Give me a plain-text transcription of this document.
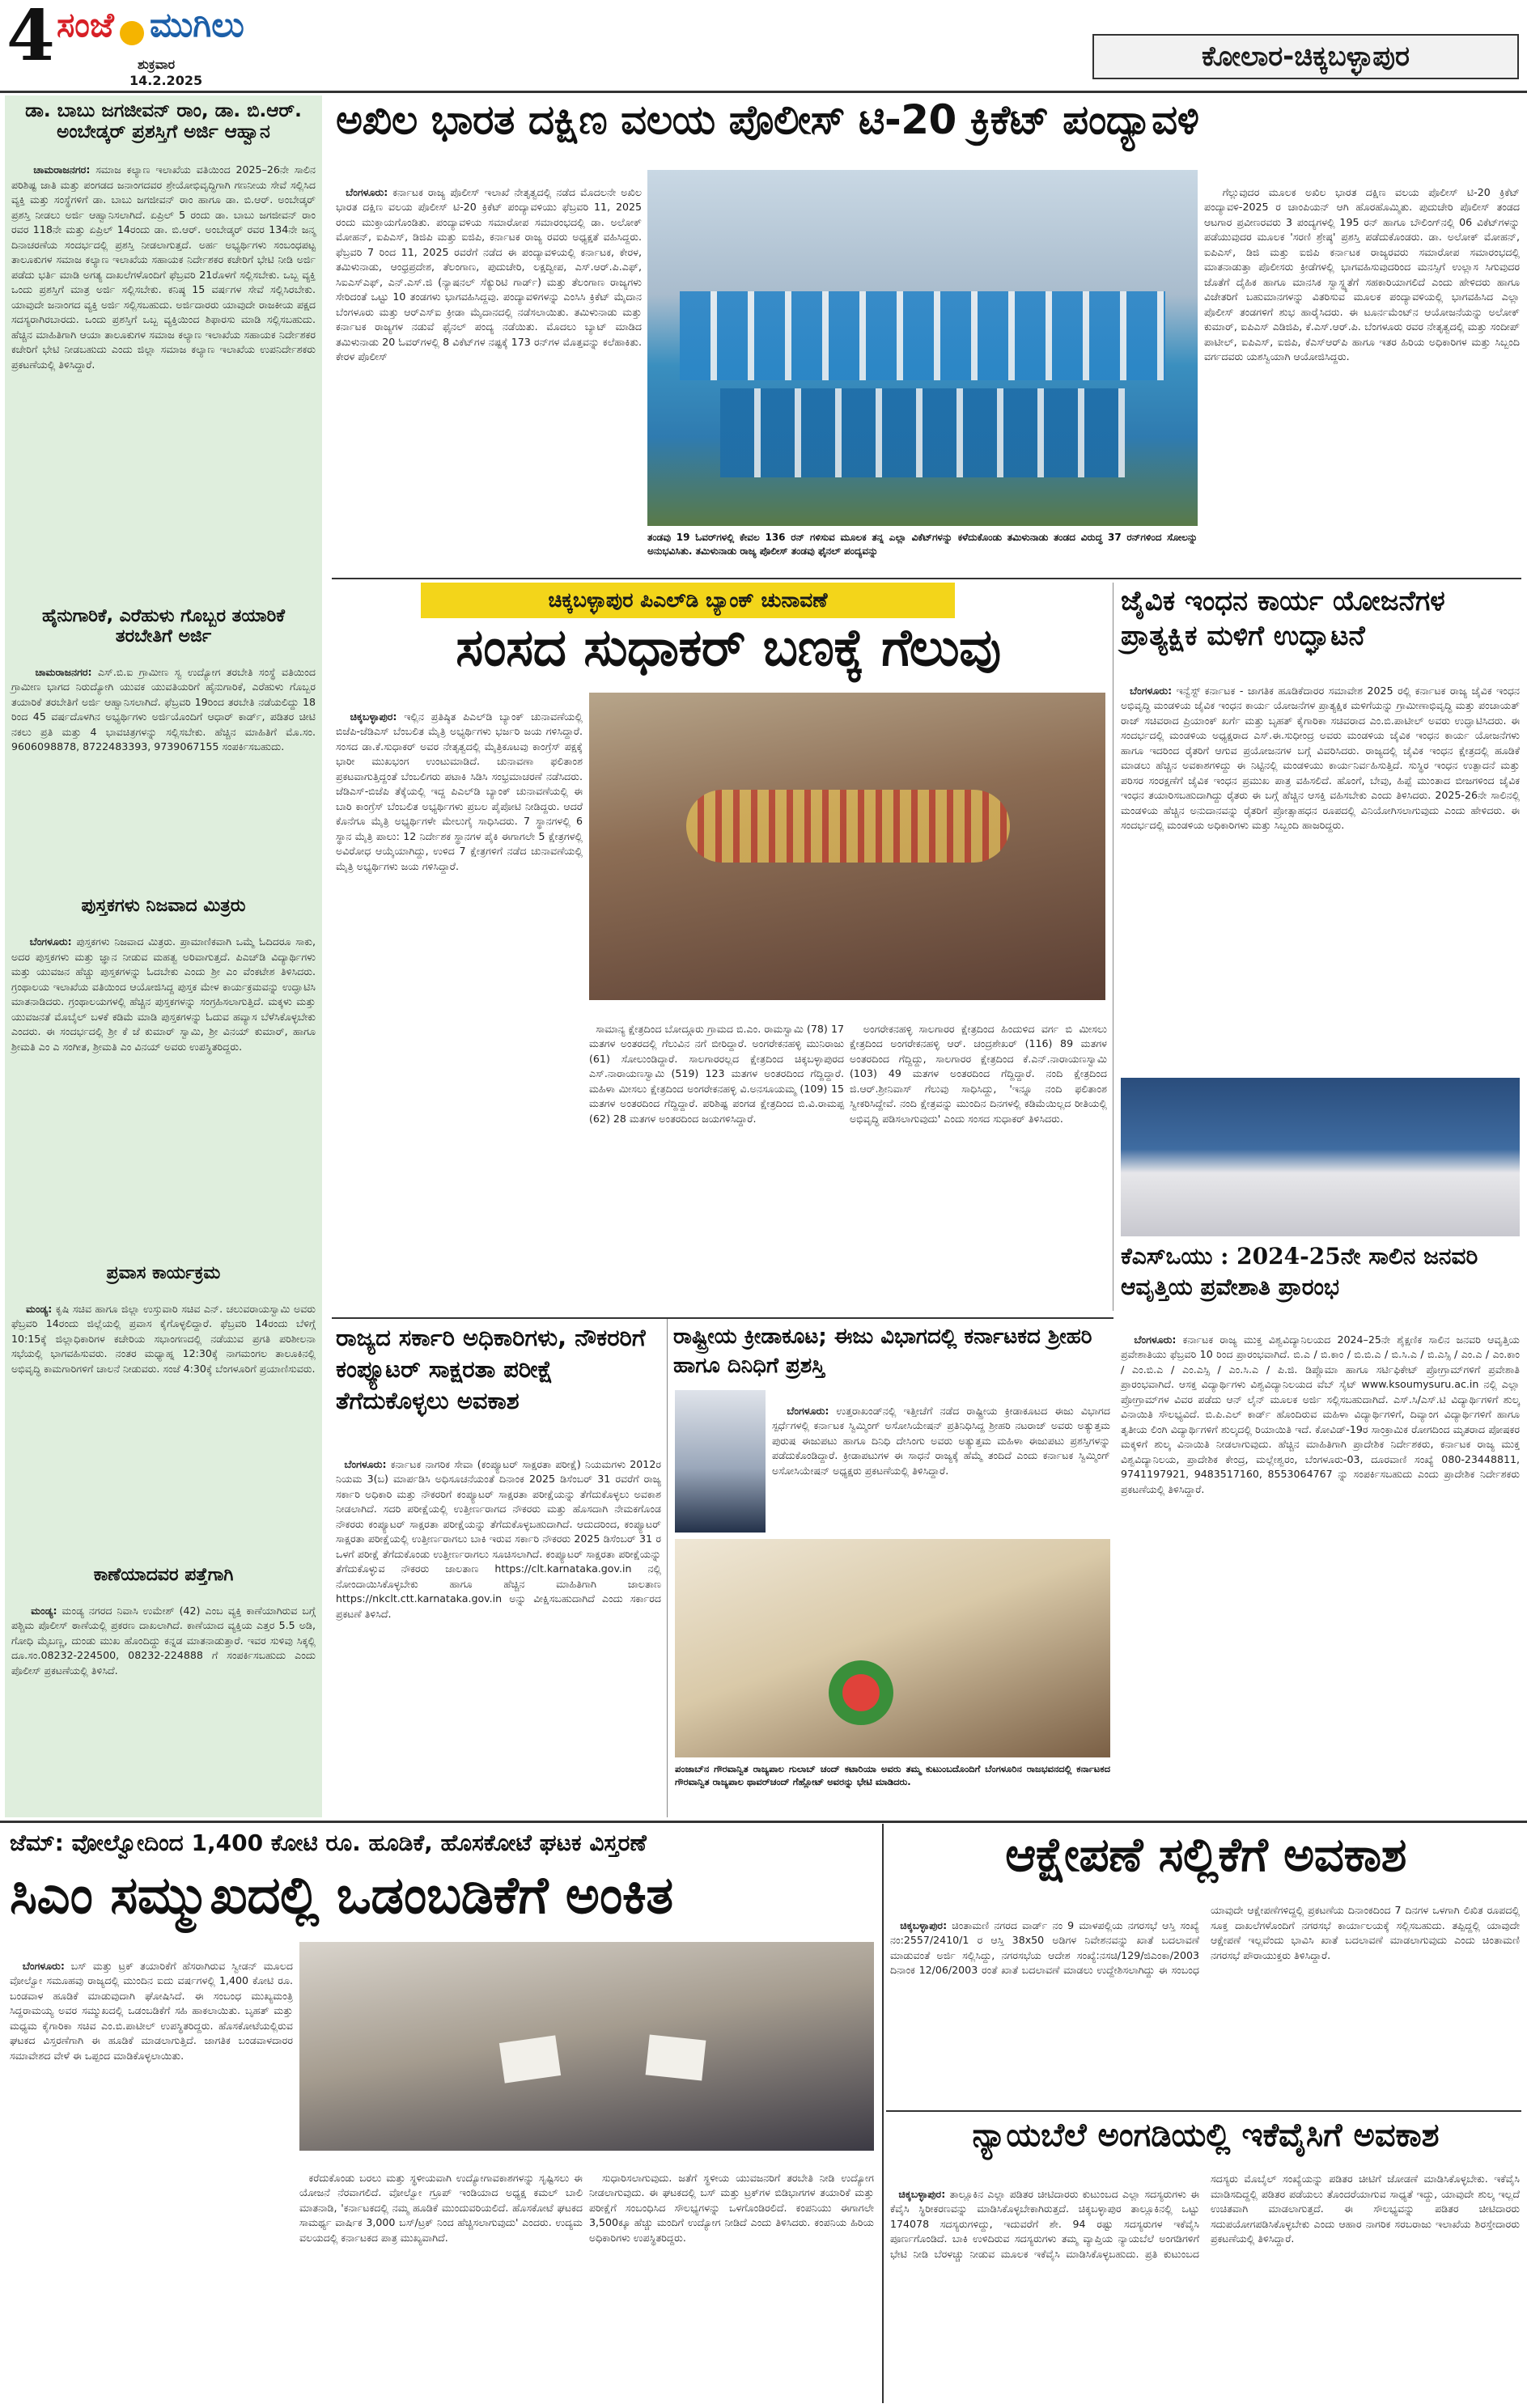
4 ಸಂಜೆ ಮುಗಿಲು
ಶುಕ್ರವಾರ
14.2.2025
ಕೋಲಾರ-ಚಿಕ್ಕಬಳ್ಳಾಪುರ
ಡಾ. ಬಾಬು ಜಗಜೀವನ್ ರಾಂ, ಡಾ. ಬಿ.ಆರ್. ಅಂಬೇಡ್ಕರ್ ಪ್ರಶಸ್ತಿಗೆ ಅರ್ಜಿ ಆಹ್ವಾನ

ಚಾಮರಾಜನಗರ: ಸಮಾಜ ಕಲ್ಯಾಣ ಇಲಾಖೆಯ ವತಿಯಿಂದ 2025–26ನೇ ಸಾಲಿನ ಪರಿಶಿಷ್ಟ ಜಾತಿ ಮತ್ತು ಪಂಗಡದ ಜನಾಂಗದವರ ಶ್ರೇಯೋಭಿವೃದ್ಧಿಗಾಗಿ ಗಣನೀಯ ಸೇವೆ ಸಲ್ಲಿಸಿದ ವ್ಯಕ್ತಿ ಮತ್ತು ಸಂಸ್ಥೆಗಳಿಗೆ ಡಾ. ಬಾಬು ಜಗಜೀವನ್ ರಾಂ ಹಾಗೂ ಡಾ. ಬಿ.ಆರ್. ಅಂಬೇಡ್ಕರ್ ಪ್ರಶಸ್ತಿ ನೀಡಲು ಅರ್ಜಿ ಆಹ್ವಾನಿಸಲಾಗಿದೆ. ಏಪ್ರಿಲ್ 5 ರಂದು ಡಾ. ಬಾಬು ಜಗಜೀವನ್ ರಾಂ ರವರ 118ನೇ ಮತ್ತು ಏಪ್ರಿಲ್ 14ರಂದು ಡಾ. ಬಿ.ಆರ್. ಅಂಬೇಡ್ಕರ್ ರವರ 134ನೇ ಜನ್ಮ ದಿನಾಚರಣೆಯ ಸಂದರ್ಭದಲ್ಲಿ ಪ್ರಶಸ್ತಿ ನೀಡಲಾಗುತ್ತದೆ. ಅರ್ಹ ಅಭ್ಯರ್ಥಿಗಳು ಸಂಬಂಧಪಟ್ಟ ತಾಲೂಕುಗಳ ಸಮಾಜ ಕಲ್ಯಾಣ ಇಲಾಖೆಯ ಸಹಾಯಕ ನಿರ್ದೇಶಕರ ಕಚೇರಿಗೆ ಭೇಟಿ ನೀಡಿ ಅರ್ಜಿ ಪಡೆದು ಭರ್ತಿ ಮಾಡಿ ಅಗತ್ಯ ದಾಖಲೆಗಳೊಂದಿಗೆ ಫೆಬ್ರವರಿ 21ರೊಳಗೆ ಸಲ್ಲಿಸಬೇಕು. ಒಬ್ಬ ವ್ಯಕ್ತಿ ಒಂದು ಪ್ರಶಸ್ತಿಗೆ ಮಾತ್ರ ಅರ್ಜಿ ಸಲ್ಲಿಸಬೇಕು. ಕನಿಷ್ಠ 15 ವರ್ಷಗಳ ಸೇವೆ ಸಲ್ಲಿಸಿರಬೇಕು. ಯಾವುದೇ ಜನಾಂಗದ ವ್ಯಕ್ತಿ ಅರ್ಜಿ ಸಲ್ಲಿಸಬಹುದು. ಅರ್ಜಿದಾರರು ಯಾವುದೇ ರಾಜಕೀಯ ಪಕ್ಷದ ಸದಸ್ಯರಾಗಿರಬಾರದು. ಒಂದು ಪ್ರಶಸ್ತಿಗೆ ಒಬ್ಬ ವ್ಯಕ್ತಿಯಿಂದ ಶಿಫಾರಸು ಮಾಡಿ ಸಲ್ಲಿಸಬಹುದು. ಹೆಚ್ಚಿನ ಮಾಹಿತಿಗಾಗಿ ಆಯಾ ತಾಲೂಕುಗಳ ಸಮಾಜ ಕಲ್ಯಾಣ ಇಲಾಖೆಯ ಸಹಾಯಕ ನಿರ್ದೇಶಕರ ಕಚೇರಿಗೆ ಭೇಟಿ ನೀಡಬಹುದು ಎಂದು ಜಿಲ್ಲಾ ಸಮಾಜ ಕಲ್ಯಾಣ ಇಲಾಖೆಯ ಉಪನಿರ್ದೇಶಕರು ಪ್ರಕಟಣೆಯಲ್ಲಿ ತಿಳಿಸಿದ್ದಾರೆ.

ಹೈನುಗಾರಿಕೆ, ಎರೆಹುಳು ಗೊಬ್ಬರ ತಯಾರಿಕೆ ತರಬೇತಿಗೆ ಅರ್ಜಿ

ಚಾಮರಾಜನಗರ: ಎಸ್.ಬಿ.ಐ ಗ್ರಾಮೀಣ ಸ್ವ ಉದ್ಯೋಗ ತರಬೇತಿ ಸಂಸ್ಥೆ ವತಿಯಿಂದ ಗ್ರಾಮೀಣ ಭಾಗದ ನಿರುದ್ಯೋಗಿ ಯುವಕ ಯುವತಿಯರಿಗೆ ಹೈನುಗಾರಿಕೆ, ಎರೆಹುಳು ಗೊಬ್ಬರ ತಯಾರಿಕೆ ತರಬೇತಿಗೆ ಅರ್ಜಿ ಆಹ್ವಾನಿಸಲಾಗಿದೆ. ಫೆಬ್ರವರಿ 19ರಿಂದ ತರಬೇತಿ ನಡೆಯಲಿದ್ದು 18 ರಿಂದ 45 ವರ್ಷದೊಳಗಿನ ಅಭ್ಯರ್ಥಿಗಳು ಅರ್ಜಿಯೊಂದಿಗೆ ಆಧಾರ್ ಕಾರ್ಡ್, ಪಡಿತರ ಚೀಟಿ ನಕಲು ಪ್ರತಿ ಮತ್ತು 4 ಭಾವಚಿತ್ರಗಳನ್ನು ಸಲ್ಲಿಸಬೇಕು. ಹೆಚ್ಚಿನ ಮಾಹಿತಿಗೆ ಮೊ.ಸಂ. 9606098878, 8722483393, 9739067155 ಸಂಪರ್ಕಿಸಬಹುದು.

ಪುಸ್ತಕಗಳು ನಿಜವಾದ ಮಿತ್ರರು

ಬೆಂಗಳೂರು: ಪುಸ್ತಕಗಳು ನಿಜವಾದ ಮಿತ್ರರು. ಪ್ರಾಮಾಣಿಕವಾಗಿ ಒಮ್ಮೆ ಓದಿದರೂ ಸಾಕು, ಅದರ ಪುಸ್ತಕಗಳು ಮತ್ತು ಜ್ಞಾನ ನೀಡುವ ಮಹತ್ವ ಅರಿವಾಗುತ್ತದೆ. ಪಿಎಚ್‌ಡಿ ವಿದ್ಯಾರ್ಥಿಗಳು ಮತ್ತು ಯುವಜನ ಹೆಚ್ಚು ಪುಸ್ತಕಗಳನ್ನು ಓದಬೇಕು ಎಂದು ಶ್ರೀ ಎಂ ವೆಂಕಟೇಶ ತಿಳಿಸಿದರು. ಗ್ರಂಥಾಲಯ ಇಲಾಖೆಯ ವತಿಯಿಂದ ಆಯೋಜಿಸಿದ್ದ ಪುಸ್ತಕ ಮೇಳ ಕಾರ್ಯಕ್ರಮವನ್ನು ಉದ್ಘಾಟಿಸಿ ಮಾತನಾಡಿದರು. ಗ್ರಂಥಾಲಯಗಳಲ್ಲಿ ಹೆಚ್ಚಿನ ಪುಸ್ತಕಗಳನ್ನು ಸಂಗ್ರಹಿಸಲಾಗುತ್ತಿದೆ. ಮಕ್ಕಳು ಮತ್ತು ಯುವಜನತೆ ಮೊಬೈಲ್ ಬಳಕೆ ಕಡಿಮೆ ಮಾಡಿ ಪುಸ್ತಕಗಳನ್ನು ಓದುವ ಹವ್ಯಾಸ ಬೆಳೆಸಿಕೊಳ್ಳಬೇಕು ಎಂದರು. ಈ ಸಂದರ್ಭದಲ್ಲಿ ಶ್ರೀ ಕೆ ಜೆ ಕುಮಾರ್ ಸ್ವಾಮಿ, ಶ್ರೀ ವಿನಯ್ ಕುಮಾರ್, ಹಾಗೂ ಶ್ರೀಮತಿ ಎಂ ಎ ಸಂಗೀತ, ಶ್ರೀಮತಿ ಎಂ ವಿನಯ್ ಅವರು ಉಪಸ್ಥಿತರಿದ್ದರು.

ಪ್ರವಾಸ ಕಾರ್ಯಕ್ರಮ

ಮಂಡ್ಯ: ಕೃಷಿ ಸಚಿವ ಹಾಗೂ ಜಿಲ್ಲಾ ಉಸ್ತುವಾರಿ ಸಚಿವ ಎನ್. ಚಲುವರಾಯಸ್ವಾಮಿ ಅವರು ಫೆಬ್ರವರಿ 14ರಂದು ಜಿಲ್ಲೆಯಲ್ಲಿ ಪ್ರವಾಸ ಕೈಗೊಳ್ಳಲಿದ್ದಾರೆ. ಫೆಬ್ರವರಿ 14ರಂದು ಬೆಳಿಗ್ಗೆ 10:15ಕ್ಕೆ ಜಿಲ್ಲಾಧಿಕಾರಿಗಳ ಕಚೇರಿಯ ಸಭಾಂಗಣದಲ್ಲಿ ನಡೆಯುವ ಪ್ರಗತಿ ಪರಿಶೀಲನಾ ಸಭೆಯಲ್ಲಿ ಭಾಗವಹಿಸುವರು. ನಂತರ ಮಧ್ಯಾಹ್ನ 12:30ಕ್ಕೆ ನಾಗಮಂಗಲ ತಾಲೂಕಿನಲ್ಲಿ ಅಭಿವೃದ್ಧಿ ಕಾಮಗಾರಿಗಳಿಗೆ ಚಾಲನೆ ನೀಡುವರು. ಸಂಜೆ 4:30ಕ್ಕೆ ಬೆಂಗಳೂರಿಗೆ ಪ್ರಯಾಣಿಸುವರು.

ಕಾಣೆಯಾದವರ ಪತ್ತೆಗಾಗಿ

ಮಂಡ್ಯ: ಮಂಡ್ಯ ನಗರದ ನಿವಾಸಿ ಉಮೇಶ್ (42) ಎಂಬ ವ್ಯಕ್ತಿ ಕಾಣೆಯಾಗಿರುವ ಬಗ್ಗೆ ಪಶ್ಚಿಮ ಪೊಲೀಸ್ ಠಾಣೆಯಲ್ಲಿ ಪ್ರಕರಣ ದಾಖಲಾಗಿದೆ. ಕಾಣೆಯಾದ ವ್ಯಕ್ತಿಯ ಎತ್ತರ 5.5 ಅಡಿ, ಗೋಧಿ ಮೈಬಣ್ಣ, ದುಂಡು ಮುಖ ಹೊಂದಿದ್ದು ಕನ್ನಡ ಮಾತನಾಡುತ್ತಾರೆ. ಇವರ ಸುಳಿವು ಸಿಕ್ಕಲ್ಲಿ ದೂ.ಸಂ.08232-224500, 08232-224888 ಗೆ ಸಂಪರ್ಕಿಸಬಹುದು ಎಂದು ಪೊಲೀಸ್ ಪ್ರಕಟಣೆಯಲ್ಲಿ ತಿಳಿಸಿದೆ.

ಅಖಿಲ ಭಾರತ ದಕ್ಷಿಣ ವಲಯ ಪೊಲೀಸ್ ಟಿ-20 ಕ್ರಿಕೆಟ್ ಪಂದ್ಯಾವಳಿ

ಬೆಂಗಳೂರು: ಕರ್ನಾಟಕ ರಾಜ್ಯ ಪೊಲೀಸ್ ಇಲಾಖೆ ನೇತೃತ್ವದಲ್ಲಿ ನಡೆದ ಮೊದಲನೇ ಅಖಿಲ ಭಾರತ ದಕ್ಷಿಣ ವಲಯ ಪೊಲೀಸ್ ಟಿ-20 ಕ್ರಿಕೆಟ್ ಪಂದ್ಯಾವಳಿಯು ಫೆಬ್ರವರಿ 11, 2025 ರಂದು ಮುಕ್ತಾಯಗೊಂಡಿತು. ಪಂದ್ಯಾವಳಿಯ ಸಮಾರೋಪ ಸಮಾರಂಭದಲ್ಲಿ ಡಾ. ಅಲೋಕ್ ಮೋಹನ್, ಐಪಿಎಸ್, ಡಿಜಿಪಿ ಮತ್ತು ಐಜಿಪಿ, ಕರ್ನಾಟಕ ರಾಜ್ಯ ರವರು ಅಧ್ಯಕ್ಷತೆ ವಹಿಸಿದ್ದರು. ಫೆಬ್ರವರಿ 7 ರಿಂದ 11, 2025 ರವರೆಗೆ ನಡೆದ ಈ ಪಂದ್ಯಾವಳಿಯಲ್ಲಿ ಕರ್ನಾಟಕ, ಕೇರಳ, ತಮಿಳುನಾಡು, ಆಂಧ್ರಪ್ರದೇಶ, ತೆಲಂಗಾಣ, ಪುದುಚೇರಿ, ಲಕ್ಷದ್ವೀಪ, ಎಸ್.ಆರ್.ಪಿ.ಎಫ್, ಸಿಐಎಸ್‌ಎಫ್, ಎನ್.ಎಸ್.ಜಿ (ನ್ಯಾಷನಲ್ ಸೆಕ್ಯುರಿಟಿ ಗಾರ್ಡ್) ಮತ್ತು ತೆಲಂಗಾಣ ರಾಜ್ಯಗಳು ಸೇರಿದಂತೆ ಒಟ್ಟು 10 ತಂಡಗಳು ಭಾಗವಹಿಸಿದ್ದವು. ಪಂದ್ಯಾವಳಿಗಳನ್ನು ಎಂಸಿಸಿ ಕ್ರಿಕೆಟ್ ಮೈದಾನ ಬೆಂಗಳೂರು ಮತ್ತು ಆರ್‌ಎಸ್‌ಐ ಕ್ರೀಡಾ ಮೈದಾನದಲ್ಲಿ ನಡೆಸಲಾಯಿತು. ತಮಿಳುನಾಡು ಮತ್ತು ಕರ್ನಾಟಕ ರಾಜ್ಯಗಳ ನಡುವೆ ಫೈನಲ್ ಪಂದ್ಯ ನಡೆಯಿತು. ಮೊದಲು ಬ್ಯಾಟ್ ಮಾಡಿದ ತಮಿಳುನಾಡು 20 ಓವರ್‌ಗಳಲ್ಲಿ 8 ವಿಕೆಟ್‌ಗಳ ನಷ್ಟಕ್ಕೆ 173 ರನ್‌ಗಳ ಮೊತ್ತವನ್ನು ಕಲೆಹಾಕಿತು. ಕೇರಳ ಪೊಲೀಸ್

ತಂಡವು 19 ಓವರ್‌ಗಳಲ್ಲಿ ಕೇವಲ 136 ರನ್ ಗಳಿಸುವ ಮೂಲಕ ತನ್ನ ಎಲ್ಲಾ ವಿಕೆಟ್‌ಗಳನ್ನು ಕಳೆದುಕೊಂಡು ತಮಿಳುನಾಡು ತಂಡದ ವಿರುದ್ಧ 37 ರನ್‌ಗಳಿಂದ ಸೋಲನ್ನು ಅನುಭವಿಸಿತು. ತಮಿಳುನಾಡು ರಾಜ್ಯ ಪೊಲೀಸ್ ತಂಡವು ಫೈನಲ್ ಪಂದ್ಯವನ್ನು

ಗೆಲ್ಲುವುದರ ಮೂಲಕ ಅಖಿಲ ಭಾರತ ದಕ್ಷಿಣ ವಲಯ ಪೊಲೀಸ್ ಟಿ-20 ಕ್ರಿಕೆಟ್ ಪಂದ್ಯಾವಳಿ-2025 ರ ಚಾಂಪಿಯನ್ ಆಗಿ ಹೊರಹೊಮ್ಮಿತು. ಪುದುಚೇರಿ ಪೊಲೀಸ್ ತಂಡದ ಆಟಗಾರ ಪ್ರವೀಣರವರು 3 ಪಂದ್ಯಗಳಲ್ಲಿ 195 ರನ್ ಹಾಗೂ ಬೌಲಿಂಗ್‌ನಲ್ಲಿ 06 ವಿಕೆಟ್‌ಗಳನ್ನು ಪಡೆಯುವುದರ ಮೂಲಕ 'ಸರಣಿ ಶ್ರೇಷ್ಠ' ಪ್ರಶಸ್ತಿ ಪಡೆದುಕೊಂಡರು. ಡಾ. ಅಲೋಕ್ ಮೋಹನ್, ಐಪಿಎಸ್, ಡಿಜಿ ಮತ್ತು ಐಜಿಪಿ ಕರ್ನಾಟಕ ರಾಜ್ಯರವರು ಸಮಾರೋಪ ಸಮಾರಂಭದಲ್ಲಿ ಮಾತನಾಡುತ್ತಾ ಪೊಲೀಸರು ಕ್ರೀಡೆಗಳಲ್ಲಿ ಭಾಗವಹಿಸುವುದರಿಂದ ಮನಸ್ಸಿಗೆ ಉಲ್ಲಾಸ ಸಿಗುವುದರ ಜೊತೆಗೆ ದೈಹಿಕ ಹಾಗೂ ಮಾನಸಿಕ ಸ್ವಾಸ್ಥ್ಯತೆಗೆ ಸಹಕಾರಿಯಾಗಲಿದೆ ಎಂದು ಹೇಳಿದರು ಹಾಗೂ ವಿಜೇತರಿಗೆ ಬಹುಮಾನಗಳನ್ನು ವಿತರಿಸುವ ಮೂಲಕ ಪಂದ್ಯಾವಳಿಯಲ್ಲಿ ಭಾಗವಹಿಸಿದ ಎಲ್ಲಾ ಪೊಲೀಸ್ ತಂಡಗಳಿಗೆ ಶುಭ ಹಾರೈಸಿದರು. ಈ ಟೂರ್ನಮೆಂಟ್‌ನ ಆಯೋಜನೆಯನ್ನು ಅಲೋಕ್ ಕುಮಾರ್, ಐಪಿಎಸ್ ಎಡಿಜಿಪಿ, ಕೆ.ಎಸ್.ಆರ್.ಪಿ. ಬೆಂಗಳೂರು ರವರ ನೇತೃತ್ವದಲ್ಲಿ ಮತ್ತು ಸಂದೀಪ್ ಪಾಟೀಲ್, ಐಪಿಎಸ್, ಐಜಿಪಿ, ಕೆಎಸ್‌ಆರ್‌ಪಿ ಹಾಗೂ ಇತರ ಹಿರಿಯ ಅಧಿಕಾರಿಗಳ ಮತ್ತು ಸಿಬ್ಬಂದಿ ವರ್ಗದವರು ಯಶಸ್ವಿಯಾಗಿ ಆಯೋಜಿಸಿದ್ದರು.

ಚಿಕ್ಕಬಳ್ಳಾಪುರ ಪಿಎಲ್‌ಡಿ ಬ್ಯಾಂಕ್ ಚುನಾವಣೆ
ಸಂಸದ ಸುಧಾಕರ್ ಬಣಕ್ಕೆ ಗೆಲುವು

ಚಿಕ್ಕಬಳ್ಳಾಪುರ: ಇಲ್ಲಿನ ಪ್ರತಿಷ್ಠಿತ ಪಿಎಲ್‌ಡಿ ಬ್ಯಾಂಕ್ ಚುನಾವಣೆಯಲ್ಲಿ ಬಿಜೆಪಿ-ಜೆಡಿಎಸ್ ಬೆಂಬಲಿತ ಮೈತ್ರಿ ಅಭ್ಯರ್ಥಿಗಳು ಭರ್ಜರಿ ಜಯ ಗಳಿಸಿದ್ದಾರೆ. ಸಂಸದ ಡಾ.ಕೆ.ಸುಧಾಕರ್ ಅವರ ನೇತೃತ್ವದಲ್ಲಿ ಮೈತ್ರಿಕೂಟವು ಕಾಂಗ್ರೆಸ್ ಪಕ್ಷಕ್ಕೆ ಭಾರೀ ಮುಖಭಂಗ ಉಂಟುಮಾಡಿದೆ. ಚುನಾವಣಾ ಫಲಿತಾಂಶ ಪ್ರಕಟವಾಗುತ್ತಿದ್ದಂತೆ ಬೆಂಬಲಿಗರು ಪಟಾಕಿ ಸಿಡಿಸಿ ಸಂಭ್ರಮಾಚರಣೆ ನಡೆಸಿದರು. ಜೆಡಿಎಸ್-ಬಿಜೆಪಿ ತೆಕ್ಕೆಯಲ್ಲಿ ಇದ್ದ ಪಿಎಲ್‌ಡಿ ಬ್ಯಾಂಕ್ ಚುನಾವಣೆಯಲ್ಲಿ ಈ ಬಾರಿ ಕಾಂಗ್ರೆಸ್ ಬೆಂಬಲಿತ ಅಭ್ಯರ್ಥಿಗಳು ಪ್ರಬಲ ಪೈಪೋಟಿ ನೀಡಿದ್ದರು. ಆದರೆ ಕೊನೆಗೂ ಮೈತ್ರಿ ಅಭ್ಯರ್ಥಿಗಳೇ ಮೇಲುಗೈ ಸಾಧಿಸಿದರು. 7 ಸ್ಥಾನಗಳಲ್ಲಿ 6 ಸ್ಥಾನ ಮೈತ್ರಿ ಪಾಲು: 12 ನಿರ್ದೇಶಕ ಸ್ಥಾನಗಳ ಪೈಕಿ ಈಗಾಗಲೇ 5 ಕ್ಷೇತ್ರಗಳಲ್ಲಿ ಅವಿರೋಧ ಆಯ್ಕೆಯಾಗಿದ್ದು, ಉಳಿದ 7 ಕ್ಷೇತ್ರಗಳಿಗೆ ನಡೆದ ಚುನಾವಣೆಯಲ್ಲಿ ಮೈತ್ರಿ ಅಭ್ಯರ್ಥಿಗಳು ಜಯ ಗಳಿಸಿದ್ದಾರೆ.

ಸಾಮಾನ್ಯ ಕ್ಷೇತ್ರದಿಂದ ಬೋದ್ಗೂರು ಗ್ರಾಮದ ಬಿ.ಎಂ. ರಾಮಸ್ವಾಮಿ (78) 17 ಮತಗಳ ಅಂತರದಲ್ಲಿ ಗೆಲುವಿನ ನಗೆ ಬೀರಿದ್ದಾರೆ. ಅಂಗರೇಕನಹಳ್ಳಿ ಮುನಿರಾಜು (61) ಸೋಲುಂಡಿದ್ದಾರೆ. ಸಾಲಗಾರರಲ್ಲದ ಕ್ಷೇತ್ರದಿಂದ ಚಿಕ್ಕಬಳ್ಳಾಪುರದ ಎಸ್.ನಾರಾಯಣಸ್ವಾಮಿ (519) 123 ಮತಗಳ ಅಂತರದಿಂದ ಗೆದ್ದಿದ್ದಾರೆ. ಮಹಿಳಾ ಮೀಸಲು ಕ್ಷೇತ್ರದಿಂದ ಅಂಗರೇಕನಹಳ್ಳಿ ವಿ.ಅನಸೂಯಮ್ಮ (109) 15 ಮತಗಳ ಅಂತರದಿಂದ ಗೆದ್ದಿದ್ದಾರೆ. ಪರಿಶಿಷ್ಟ ಪಂಗಡ ಕ್ಷೇತ್ರದಿಂದ ಬಿ.ವಿ.ರಾಮಪ್ಪ (62) 28 ಮತಗಳ ಅಂತರದಿಂದ ಜಯಗಳಿಸಿದ್ದಾರೆ.

ಅಂಗರೇಕನಹಳ್ಳಿ ಸಾಲಗಾರರ ಕ್ಷೇತ್ರದಿಂದ ಹಿಂದುಳಿದ ವರ್ಗ ಬಿ ಮೀಸಲು ಕ್ಷೇತ್ರದಿಂದ ಅಂಗರೇಕನಹಳ್ಳಿ ಆರ್. ಚಂದ್ರಶೇಖರ್ (116) 89 ಮತಗಳ ಅಂತರದಿಂದ ಗೆದ್ದಿದ್ದು, ಸಾಲಗಾರರ ಕ್ಷೇತ್ರದಿಂದ ಕೆ.ಎನ್.ನಾರಾಯಣಸ್ವಾಮಿ (103) 49 ಮತಗಳ ಅಂತರದಿಂದ ಗೆದ್ದಿದ್ದಾರೆ. ನಂದಿ ಕ್ಷೇತ್ರದಿಂದ ಜಿ.ಆರ್.ಶ್ರೀನಿವಾಸ್ ಗೆಲುವು ಸಾಧಿಸಿದ್ದು, 'ಇನ್ನೂ ನಂದಿ ಫಲಿತಾಂಶ ಸ್ವೀಕರಿಸಿದ್ದೇವೆ. ನಂದಿ ಕ್ಷೇತ್ರವನ್ನು ಮುಂದಿನ ದಿನಗಳಲ್ಲಿ ಕಡಿಮೆಯಿಲ್ಲದ ರೀತಿಯಲ್ಲಿ ಅಭಿವೃದ್ಧಿ ಪಡಿಸಲಾಗುವುದು' ಎಂದು ಸಂಸದ ಸುಧಾಕರ್ ತಿಳಿಸಿದರು.

ಜೈವಿಕ ಇಂಧನ ಕಾರ್ಯ ಯೋಜನೆಗಳ ಪ್ರಾತ್ಯಕ್ಷಿಕ ಮಳಿಗೆ ಉದ್ಘಾಟನೆ

ಬೆಂಗಳೂರು: ಇನ್ವೆಸ್ಟ್ ಕರ್ನಾಟಕ - ಜಾಗತಿಕ ಹೂಡಿಕೆದಾರರ ಸಮಾವೇಶ 2025 ರಲ್ಲಿ ಕರ್ನಾಟಕ ರಾಜ್ಯ ಜೈವಿಕ ಇಂಧನ ಅಭಿವೃದ್ಧಿ ಮಂಡಳಿಯ ಜೈವಿಕ ಇಂಧನ ಕಾರ್ಯ ಯೋಜನೆಗಳ ಪ್ರಾತ್ಯಕ್ಷಿಕ ಮಳಿಗೆಯನ್ನು ಗ್ರಾಮೀಣಾಭಿವೃದ್ಧಿ ಮತ್ತು ಪಂಚಾಯತ್ ರಾಜ್ ಸಚಿವರಾದ ಪ್ರಿಯಾಂಕ್ ಖರ್ಗೆ ಮತ್ತು ಬೃಹತ್ ಕೈಗಾರಿಕಾ ಸಚಿವರಾದ ಎಂ.ಬಿ.ಪಾಟೀಲ್ ಅವರು ಉದ್ಘಾಟಿಸಿದರು. ಈ ಸಂದರ್ಭದಲ್ಲಿ ಮಂಡಳಿಯ ಅಧ್ಯಕ್ಷರಾದ ಎಸ್.ಈ.ಸುಧೀಂದ್ರ ಅವರು ಮಂಡಳಿಯ ಜೈವಿಕ ಇಂಧನ ಕಾರ್ಯ ಯೋಜನೆಗಳು ಹಾಗೂ ಇದರಿಂದ ರೈತರಿಗೆ ಆಗುವ ಪ್ರಯೋಜನಗಳ ಬಗ್ಗೆ ವಿವರಿಸಿದರು. ರಾಜ್ಯದಲ್ಲಿ ಜೈವಿಕ ಇಂಧನ ಕ್ಷೇತ್ರದಲ್ಲಿ ಹೂಡಿಕೆ ಮಾಡಲು ಹೆಚ್ಚಿನ ಅವಕಾಶಗಳಿದ್ದು ಈ ನಿಟ್ಟಿನಲ್ಲಿ ಮಂಡಳಿಯು ಕಾರ್ಯನಿರ್ವಹಿಸುತ್ತಿದೆ. ಸುಸ್ಥಿರ ಇಂಧನ ಉತ್ಪಾದನೆ ಮತ್ತು ಪರಿಸರ ಸಂರಕ್ಷಣೆಗೆ ಜೈವಿಕ ಇಂಧನ ಪ್ರಮುಖ ಪಾತ್ರ ವಹಿಸಲಿದೆ. ಹೊಂಗೆ, ಬೇವು, ಹಿಪ್ಪೆ ಮುಂತಾದ ಬೀಜಗಳಿಂದ ಜೈವಿಕ ಇಂಧನ ತಯಾರಿಸಬಹುದಾಗಿದ್ದು ರೈತರು ಈ ಬಗ್ಗೆ ಹೆಚ್ಚಿನ ಆಸಕ್ತಿ ವಹಿಸಬೇಕು ಎಂದು ತಿಳಿಸಿದರು. 2025-26ನೇ ಸಾಲಿನಲ್ಲಿ ಮಂಡಳಿಯ ಹೆಚ್ಚಿನ ಅನುದಾನವನ್ನು ರೈತರಿಗೆ ಪ್ರೋತ್ಸಾಹಧನ ರೂಪದಲ್ಲಿ ವಿನಿಯೋಗಿಸಲಾಗುವುದು ಎಂದು ಹೇಳಿದರು. ಈ ಸಂದರ್ಭದಲ್ಲಿ ಮಂಡಳಿಯ ಅಧಿಕಾರಿಗಳು ಮತ್ತು ಸಿಬ್ಬಂದಿ ಹಾಜರಿದ್ದರು.

ಕೆಎಸ್‌ಒಯು : 2024-25ನೇ ಸಾಲಿನ ಜನವರಿ ಆವೃತ್ತಿಯ ಪ್ರವೇಶಾತಿ ಪ್ರಾರಂಭ

ಬೆಂಗಳೂರು: ಕರ್ನಾಟಕ ರಾಜ್ಯ ಮುಕ್ತ ವಿಶ್ವವಿದ್ಯಾನಿಲಯದ 2024–25ನೇ ಶೈಕ್ಷಣಿಕ ಸಾಲಿನ ಜನವರಿ ಆವೃತ್ತಿಯ ಪ್ರವೇಶಾತಿಯು ಫೆಬ್ರವರಿ 10 ರಿಂದ ಪ್ರಾರಂಭವಾಗಿದೆ. ಬಿ.ಎ / ಬಿ.ಕಾಂ / ಬಿ.ಬಿ.ಎ / ಬಿ.ಸಿ.ಎ / ಬಿ.ಎಸ್ಸಿ / ಎಂ.ಎ / ಎಂ.ಕಾಂ / ಎಂ.ಬಿ.ಎ / ಎಂ.ಎಸ್ಸಿ / ಎಂ.ಸಿ.ಎ / ಪಿ.ಜಿ. ಡಿಪ್ಲೊಮಾ ಹಾಗೂ ಸರ್ಟಿಫಿಕೇಟ್ ಪ್ರೋಗ್ರಾಮ್‌ಗಳಿಗೆ ಪ್ರವೇಶಾತಿ ಪ್ರಾರಂಭವಾಗಿದೆ. ಆಸಕ್ತ ವಿದ್ಯಾರ್ಥಿಗಳು ವಿಶ್ವವಿದ್ಯಾನಿಲಯದ ವೆಬ್ ಸೈಟ್ www.ksoumysuru.ac.in ನಲ್ಲಿ ಎಲ್ಲಾ ಪ್ರೋಗ್ರಾಮ್‌ಗಳ ವಿವರ ಪಡೆದು ಆನ್ ಲೈನ್ ಮೂಲಕ ಅರ್ಜಿ ಸಲ್ಲಿಸಬಹುದಾಗಿದೆ. ಎಸ್.ಸಿ/ಎಸ್.ಟಿ ವಿದ್ಯಾರ್ಥಿಗಳಿಗೆ ಶುಲ್ಕ ವಿನಾಯಿತಿ ಸೌಲಭ್ಯವಿದೆ. ಬಿ.ಪಿ.ಎಲ್ ಕಾರ್ಡ್ ಹೊಂದಿರುವ ಮಹಿಳಾ ವಿದ್ಯಾರ್ಥಿಗಳಿಗೆ, ದಿವ್ಯಾಂಗ ವಿದ್ಯಾರ್ಥಿಗಳಿಗೆ ಹಾಗೂ ತೃತೀಯ ಲಿಂಗಿ ವಿದ್ಯಾರ್ಥಿಗಳಿಗೆ ಶುಲ್ಕದಲ್ಲಿ ರಿಯಾಯಿತಿ ಇದೆ. ಕೋವಿಡ್-19ರ ಸಾಂಕ್ರಾಮಿಕ ರೋಗದಿಂದ ಮೃತರಾದ ಪೋಷಕರ ಮಕ್ಕಳಿಗೆ ಶುಲ್ಕ ವಿನಾಯಿತಿ ನೀಡಲಾಗುವುದು. ಹೆಚ್ಚಿನ ಮಾಹಿತಿಗಾಗಿ ಪ್ರಾದೇಶಿಕ ನಿರ್ದೇಶಕರು, ಕರ್ನಾಟಕ ರಾಜ್ಯ ಮುಕ್ತ ವಿಶ್ವವಿದ್ಯಾನಿಲಯ, ಪ್ರಾದೇಶಿಕ ಕೇಂದ್ರ, ಮಲ್ಲೇಶ್ವರಂ, ಬೆಂಗಳೂರು-03, ದೂರವಾಣಿ ಸಂಖ್ಯೆ 080-23448811, 9741197921, 9483517160, 8553064767 ನ್ನು ಸಂಪರ್ಕಿಸಬಹುದು ಎಂದು ಪ್ರಾದೇಶಿಕ ನಿರ್ದೇಶಕರು ಪ್ರಕಟಣೆಯಲ್ಲಿ ತಿಳಿಸಿದ್ದಾರೆ.

ರಾಜ್ಯದ ಸರ್ಕಾರಿ ಅಧಿಕಾರಿಗಳು, ನೌಕರರಿಗೆ ಕಂಪ್ಯೂಟರ್ ಸಾಕ್ಷರತಾ ಪರೀಕ್ಷೆ ತೆಗೆದುಕೊಳ್ಳಲು ಅವಕಾಶ

ಬೆಂಗಳೂರು: ಕರ್ನಾಟಕ ನಾಗರಿಕ ಸೇವಾ (ಕಂಪ್ಯೂಟರ್ ಸಾಕ್ಷರತಾ ಪರೀಕ್ಷೆ) ನಿಯಮಗಳು 2012ರ ನಿಯಮ 3(ಬ) ಮಾರ್ಪಡಿಸಿ ಅಧಿಸೂಚನೆಯಂತೆ ದಿನಾಂಕ 2025 ಡಿಸೆಂಬರ್ 31 ರವರೆಗೆ ರಾಜ್ಯ ಸರ್ಕಾರಿ ಅಧಿಕಾರಿ ಮತ್ತು ನೌಕರರಿಗೆ ಕಂಪ್ಯೂಟರ್ ಸಾಕ್ಷರತಾ ಪರೀಕ್ಷೆಯನ್ನು ತೆಗೆದುಕೊಳ್ಳಲು ಅವಕಾಶ ನೀಡಲಾಗಿದೆ. ಸದರಿ ಪರೀಕ್ಷೆಯಲ್ಲಿ ಉತ್ತೀರ್ಣರಾಗದ ನೌಕರರು ಮತ್ತು ಹೊಸದಾಗಿ ನೇಮಕಗೊಂಡ ನೌಕರರು ಕಂಪ್ಯೂಟರ್ ಸಾಕ್ಷರತಾ ಪರೀಕ್ಷೆಯನ್ನು ತೆಗೆದುಕೊಳ್ಳಬಹುದಾಗಿದೆ. ಆದುದರಿಂದ, ಕಂಪ್ಯೂಟರ್ ಸಾಕ್ಷರತಾ ಪರೀಕ್ಷೆಯಲ್ಲಿ ಉತ್ತೀರ್ಣರಾಗಲು ಬಾಕಿ ಇರುವ ಸರ್ಕಾರಿ ನೌಕರರು 2025 ಡಿಸೆಂಬರ್ 31 ರ ಒಳಗೆ ಪರೀಕ್ಷೆ ತೆಗೆದುಕೊಂಡು ಉತ್ತೀರ್ಣರಾಗಲು ಸೂಚಿಸಲಾಗಿದೆ. ಕಂಪ್ಯೂಟರ್ ಸಾಕ್ಷರತಾ ಪರೀಕ್ಷೆಯನ್ನು ತೆಗೆದುಕೊಳ್ಳುವ ನೌಕರರು ಜಾಲತಾಣ https://clt.karnataka.gov.in ನಲ್ಲಿ ನೋಂದಾಯಿಸಿಕೊಳ್ಳಬೇಕು ಹಾಗೂ ಹೆಚ್ಚಿನ ಮಾಹಿತಿಗಾಗಿ ಜಾಲತಾಣ https://nkclt.ctt.karnataka.gov.in ಅನ್ನು ವೀಕ್ಷಿಸಬಹುದಾಗಿದೆ ಎಂದು ಸರ್ಕಾರದ ಪ್ರಕಟಣೆ ತಿಳಿಸಿದೆ.

ರಾಷ್ಟ್ರೀಯ ಕ್ರೀಡಾಕೂಟ; ಈಜು ವಿಭಾಗದಲ್ಲಿ ಕರ್ನಾಟಕದ ಶ್ರೀಹರಿ ಹಾಗೂ ದಿನಿಧಿಗೆ ಪ್ರಶಸ್ತಿ

ಬೆಂಗಳೂರು: ಉತ್ತರಾಖಂಡ್‌ನಲ್ಲಿ ಇತ್ತೀಚೆಗೆ ನಡೆದ ರಾಷ್ಟ್ರೀಯ ಕ್ರೀಡಾಕೂಟದ ಈಜು ವಿಭಾಗದ ಸ್ಪರ್ಧೆಗಳಲ್ಲಿ ಕರ್ನಾಟಕ ಸ್ವಿಮ್ಮಿಂಗ್ ಅಸೋಸಿಯೇಷನ್ ಪ್ರತಿನಿಧಿಸಿದ್ದ ಶ್ರೀಹರಿ ನಟರಾಜ್ ಅವರು ಅತ್ಯುತ್ತಮ ಪುರುಷ ಈಜುಪಟು ಹಾಗೂ ದಿನಿಧಿ ದೇಸಿಂಗು ಅವರು ಅತ್ಯುತ್ತಮ ಮಹಿಳಾ ಈಜುಪಟು ಪ್ರಶಸ್ತಿಗಳನ್ನು ಪಡೆದುಕೊಂಡಿದ್ದಾರೆ. ಕ್ರೀಡಾಪಟುಗಳ ಈ ಸಾಧನೆ ರಾಜ್ಯಕ್ಕೆ ಹೆಮ್ಮೆ ತಂದಿದೆ ಎಂದು ಕರ್ನಾಟಕ ಸ್ವಿಮ್ಮಿಂಗ್ ಅಸೋಸಿಯೇಷನ್ ಅಧ್ಯಕ್ಷರು ಪ್ರಕಟಣೆಯಲ್ಲಿ ತಿಳಿಸಿದ್ದಾರೆ.

ಪಂಜಾಬ್‌ನ ಗೌರವಾನ್ವಿತ ರಾಜ್ಯಪಾಲ ಗುಲಾಬ್ ಚಂದ್ ಕಟಾರಿಯಾ ಅವರು ತಮ್ಮ ಕುಟುಂಬದೊಂದಿಗೆ ಬೆಂಗಳೂರಿನ ರಾಜಭವನದಲ್ಲಿ ಕರ್ನಾಟಕದ ಗೌರವಾನ್ವಿತ ರಾಜ್ಯಪಾಲ ಥಾವರ್‌ಚಂದ್ ಗೆಹ್ಲೋಟ್ ಅವರನ್ನು ಭೇಟಿ ಮಾಡಿದರು.
ಜೆಮ್: ವೋಲ್ವೋದಿಂದ 1,400 ಕೋಟಿ ರೂ. ಹೂಡಿಕೆ, ಹೊಸಕೋಟೆ ಘಟಕ ವಿಸ್ತರಣೆ
ಸಿಎಂ ಸಮ್ಮುಖದಲ್ಲಿ ಒಡಂಬಡಿಕೆಗೆ ಅಂಕಿತ

ಬೆಂಗಳೂರು: ಬಸ್ ಮತ್ತು ಟ್ರಕ್ ತಯಾರಿಕೆಗೆ ಹೆಸರಾಗಿರುವ ಸ್ವೀಡನ್ ಮೂಲದ ವೋಲ್ವೋ ಸಮೂಹವು ರಾಜ್ಯದಲ್ಲಿ ಮುಂದಿನ ಐದು ವರ್ಷಗಳಲ್ಲಿ 1,400 ಕೋಟಿ ರೂ. ಬಂಡವಾಳ ಹೂಡಿಕೆ ಮಾಡುವುದಾಗಿ ಘೋಷಿಸಿದೆ. ಈ ಸಂಬಂಧ ಮುಖ್ಯಮಂತ್ರಿ ಸಿದ್ದರಾಮಯ್ಯ ಅವರ ಸಮ್ಮುಖದಲ್ಲಿ ಒಡಂಬಡಿಕೆಗೆ ಸಹಿ ಹಾಕಲಾಯಿತು. ಬೃಹತ್ ಮತ್ತು ಮಧ್ಯಮ ಕೈಗಾರಿಕಾ ಸಚಿವ ಎಂ.ಬಿ.ಪಾಟೀಲ್ ಉಪಸ್ಥಿತರಿದ್ದರು. ಹೊಸಕೋಟೆಯಲ್ಲಿರುವ ಘಟಕದ ವಿಸ್ತರಣೆಗಾಗಿ ಈ ಹೂಡಿಕೆ ಮಾಡಲಾಗುತ್ತಿದೆ. ಜಾಗತಿಕ ಬಂಡವಾಳದಾರರ ಸಮಾವೇಶದ ವೇಳೆ ಈ ಒಪ್ಪಂದ ಮಾಡಿಕೊಳ್ಳಲಾಯಿತು.

ಕರೆದುಕೊಂಡು ಬರಲು ಮತ್ತು ಸ್ಥಳೀಯವಾಗಿ ಉದ್ಯೋಗಾವಕಾಶಗಳನ್ನು ಸೃಷ್ಟಿಸಲು ಈ ಯೋಜನೆ ನೆರವಾಗಲಿದೆ. ವೋಲ್ವೋ ಗ್ರೂಪ್ ಇಂಡಿಯಾದ ಅಧ್ಯಕ್ಷ ಕಮಲ್ ಬಾಲಿ ಮಾತನಾಡಿ, 'ಕರ್ನಾಟಕದಲ್ಲಿ ನಮ್ಮ ಹೂಡಿಕೆ ಮುಂದುವರಿಯಲಿದೆ. ಹೊಸಕೋಟೆ ಘಟಕದ ಸಾಮರ್ಥ್ಯ ವಾರ್ಷಿಕ 3,000 ಬಸ್/ಟ್ರಕ್ ನಿಂದ ಹೆಚ್ಚಿಸಲಾಗುವುದು' ಎಂದರು. ಉದ್ಯಮ ವಲಯದಲ್ಲಿ ಕರ್ನಾಟಕದ ಪಾತ್ರ ಮುಖ್ಯವಾಗಿದೆ.

ಸುಧಾರಿಸಲಾಗುವುದು. ಜತೆಗೆ ಸ್ಥಳೀಯ ಯುವಜನರಿಗೆ ತರಬೇತಿ ನೀಡಿ ಉದ್ಯೋಗ ನೀಡಲಾಗುವುದು. ಈ ಘಟಕದಲ್ಲಿ ಬಸ್ ಮತ್ತು ಟ್ರಕ್‌ಗಳ ಬಿಡಿಭಾಗಗಳ ತಯಾರಿಕೆ ಮತ್ತು ಪರೀಕ್ಷೆಗೆ ಸಂಬಂಧಿಸಿದ ಸೌಲಭ್ಯಗಳನ್ನು ಒಳಗೊಂಡಿರಲಿದೆ. ಕಂಪನಿಯು ಈಗಾಗಲೇ 3,500ಕ್ಕೂ ಹೆಚ್ಚು ಮಂದಿಗೆ ಉದ್ಯೋಗ ನೀಡಿದೆ ಎಂದು ತಿಳಿಸಿದರು. ಕಂಪನಿಯ ಹಿರಿಯ ಅಧಿಕಾರಿಗಳು ಉಪಸ್ಥಿತರಿದ್ದರು.

ಆಕ್ಷೇಪಣೆ ಸಲ್ಲಿಕೆಗೆ ಅವಕಾಶ

ಚಿಕ್ಕಬಳ್ಳಾಪುರ: ಚಿಂತಾಮಣಿ ನಗರದ ವಾರ್ಡ್ ನಂ 9 ಮಾಳಪಲ್ಲಿಯ ನಗರಸಭೆ ಆಸ್ತಿ ಸಂಖ್ಯೆ ನಂ:2557/2410/1 ರ ಆಸ್ತಿ 38x50 ಅಡಿಗಳ ನಿವೇಶನವನ್ನು ಖಾತೆ ಬದಲಾವಣೆ ಮಾಡುವಂತೆ ಅರ್ಜಿ ಸಲ್ಲಿಸಿದ್ದು, ನಗರಸಭೆಯ ಆದೇಶ ಸಂಖ್ಯೆ:ನಸಚಿ/129/ಜಿಎಂಕಾ/2003 ದಿನಾಂಕ 12/06/2003 ರಂತೆ ಖಾತೆ ಬದಲಾವಣೆ ಮಾಡಲು ಉದ್ದೇಶಿಸಲಾಗಿದ್ದು ಈ ಸಂಬಂಧ ಯಾವುದೇ ಆಕ್ಷೇಪಣೆಗಳಿದ್ದಲ್ಲಿ ಪ್ರಕಟಣೆಯ ದಿನಾಂಕದಿಂದ 7 ದಿನಗಳ ಒಳಗಾಗಿ ಲಿಖಿತ ರೂಪದಲ್ಲಿ ಸೂಕ್ತ ದಾಖಲೆಗಳೊಂದಿಗೆ ನಗರಸಭೆ ಕಾರ್ಯಾಲಯಕ್ಕೆ ಸಲ್ಲಿಸಬಹುದು. ತಪ್ಪಿದ್ದಲ್ಲಿ ಯಾವುದೇ ಆಕ್ಷೇಪಣೆ ಇಲ್ಲವೆಂದು ಭಾವಿಸಿ ಖಾತೆ ಬದಲಾವಣೆ ಮಾಡಲಾಗುವುದು ಎಂದು ಚಿಂತಾಮಣಿ ನಗರಸಭೆ ಪೌರಾಯುಕ್ತರು ತಿಳಿಸಿದ್ದಾರೆ.

ನ್ಯಾಯಬೆಲೆ ಅಂಗಡಿಯಲ್ಲಿ ಇಕೆವೈಸಿಗೆ ಅವಕಾಶ

ಚಿಕ್ಕಬಳ್ಳಾಪುರ: ತಾಲ್ಲೂಕಿನ ಎಲ್ಲಾ ಪಡಿತರ ಚೀಟಿದಾರರು ಕುಟುಂಬದ ಎಲ್ಲಾ ಸದಸ್ಯರುಗಳು ಈ ಕೆವೈಸಿ ಸ್ಥಿರೀಕರಣವನ್ನು ಮಾಡಿಸಿಕೊಳ್ಳಬೇಕಾಗಿರುತ್ತದೆ. ಚಿಕ್ಕಬಳ್ಳಾಪುರ ತಾಲ್ಲೂಕಿನಲ್ಲಿ ಒಟ್ಟು 174078 ಸದಸ್ಯರುಗಳಿದ್ದು, ಇದುವರೆಗೆ ಶೇ. 94 ರಷ್ಟು ಸದಸ್ಯರುಗಳ ಇಕೆವೈಸಿ ಪೂರ್ಣಗೊಂಡಿದೆ. ಬಾಕಿ ಉಳಿದಿರುವ ಸದಸ್ಯರುಗಳು ತಮ್ಮ ವ್ಯಾಪ್ತಿಯ ನ್ಯಾಯಬೆಲೆ ಅಂಗಡಿಗಳಿಗೆ ಭೇಟಿ ನೀಡಿ ಬೆರಳಚ್ಚು ನೀಡುವ ಮೂಲಕ ಇಕೆವೈಸಿ ಮಾಡಿಸಿಕೊಳ್ಳಬಹುದು. ಪ್ರತಿ ಕುಟುಂಬದ ಸದಸ್ಯರು ಮೊಬೈಲ್ ಸಂಖ್ಯೆಯನ್ನು ಪಡಿತರ ಚೀಟಿಗೆ ಜೋಡಣೆ ಮಾಡಿಸಿಕೊಳ್ಳಬೇಕು. ಇಕೆವೈಸಿ ಮಾಡಿಸದಿದ್ದಲ್ಲಿ ಪಡಿತರ ಪಡೆಯಲು ತೊಂದರೆಯಾಗುವ ಸಾಧ್ಯತೆ ಇದ್ದು, ಯಾವುದೇ ಶುಲ್ಕ ಇಲ್ಲದೆ ಉಚಿತವಾಗಿ ಮಾಡಲಾಗುತ್ತದೆ. ಈ ಸೌಲಭ್ಯವನ್ನು ಪಡಿತರ ಚೀಟಿದಾರರು ಸದುಪಯೋಗಪಡಿಸಿಕೊಳ್ಳಬೇಕು ಎಂದು ಆಹಾರ ನಾಗರಿಕ ಸರಬರಾಜು ಇಲಾಖೆಯ ಶಿರಸ್ತೇದಾರರು ಪ್ರಕಟಣೆಯಲ್ಲಿ ತಿಳಿಸಿದ್ದಾರೆ.
